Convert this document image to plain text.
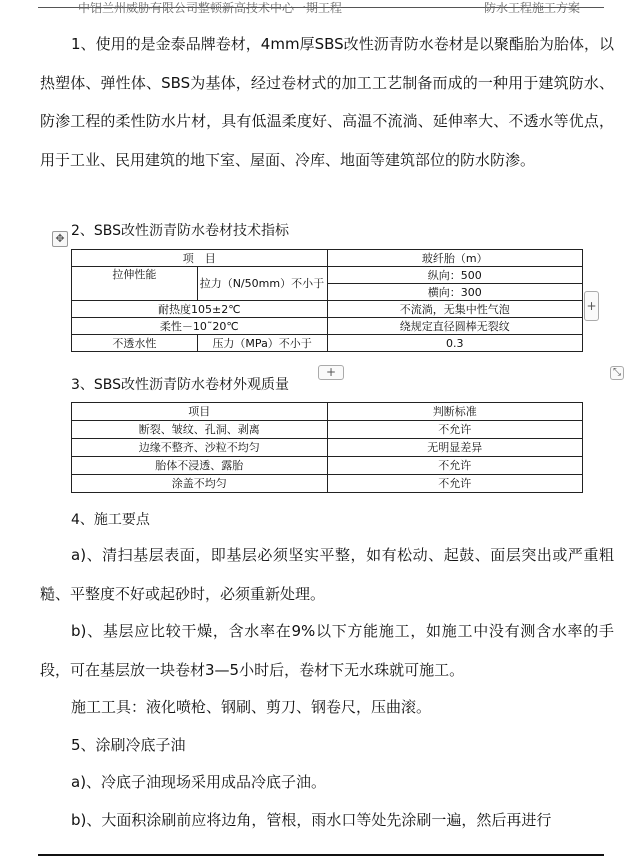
中铝兰州威胁有限公司整顿新高技术中心一期工程	防水工程施工方案

1、使用的是金泰品牌卷材，4mm厚SBS改性沥青防水卷材是以聚酯胎为胎体，以热塑体、弹性体、SBS为基体，经过卷材式的加工工艺制备而成的一种用于建筑防水、防渗工程的柔性防水片材，具有低温柔度好、高温不流淌、延伸率大、不透水等优点，用于工业、民用建筑的地下室、屋面、冷库、地面等建筑部位的防水防渗。

✥ 2、SBS改性沥青防水卷材技术指标
项　目		玻纤胎（m）
拉伸性能	拉力（N/50mm）不小于	纵向：500
		横向：300
耐热度105±2℃		不流淌，无集中性气泡
柔性－10˜20℃		绕规定直径圆棒无裂纹
不透水性	压力（MPa）不小于	0.3
+
+	⤡
3、SBS改性沥青防水卷材外观质量
项目	判断标准
断裂、皱纹、孔洞、剥离	不允许
边缘不整齐、沙粒不均匀	无明显差异
胎体不浸透、露胎	不允许
涂盖不均匀	不允许
4、施工要点

a)、清扫基层表面，即基层必须坚实平整，如有松动、起鼓、面层突出或严重粗糙、平整度不好或起砂时，必须重新处理。

b)、基层应比较干燥，含水率在9%以下方能施工，如施工中没有测含水率的手段，可在基层放一块卷材3—5小时后，卷材下无水珠就可施工。

施工工具：液化喷枪、钢刷、剪刀、钢卷尺，压曲滚。

5、涂刷冷底子油

a)、冷底子油现场采用成品冷底子油。

b)、大面积涂刷前应将边角，管根，雨水口等处先涂刷一遍，然后再进行
